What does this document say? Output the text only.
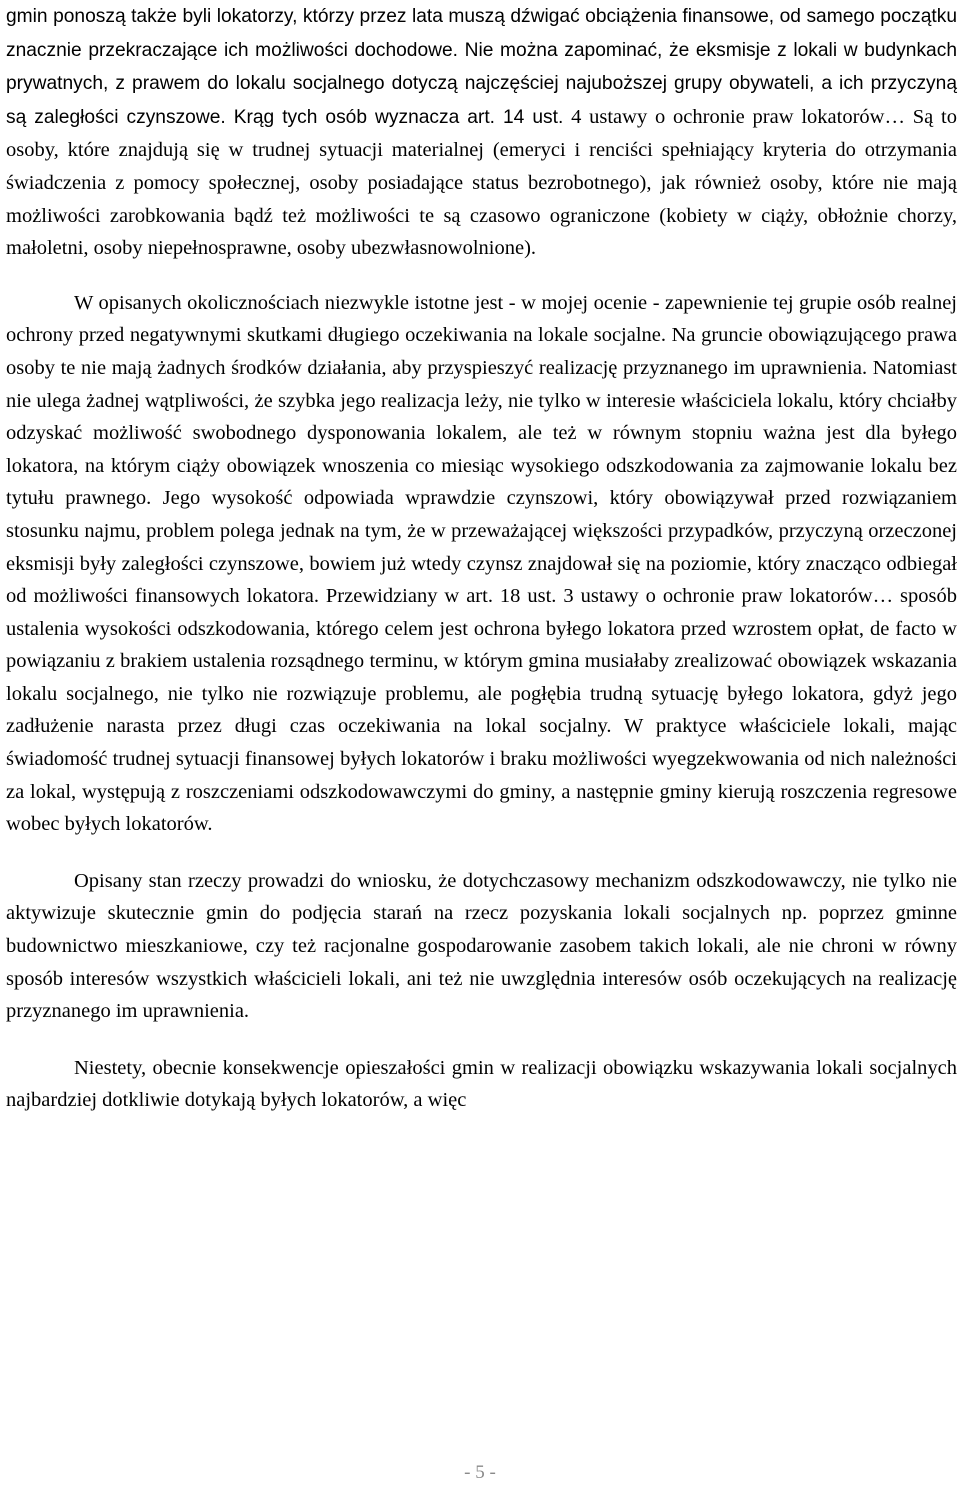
gmin ponoszą także byli lokatorzy, którzy przez lata muszą dźwigać obciążenia finansowe, od samego początku znacznie przekraczające ich możliwości dochodowe. Nie można zapominać, że eksmisje z lokali w budynkach prywatnych, z prawem do lokalu socjalnego dotyczą najczęściej najuboższej grupy obywateli, a ich przyczyną są zaległości czynszowe. Krąg tych osób wyznacza art. 14 ust. 4 ustawy o ochronie praw lokatorów… Są to osoby, które znajdują się w trudnej sytuacji materialnej (emeryci i renciści spełniający kryteria do otrzymania świadczenia z pomocy społecznej, osoby posiadające status bezrobotnego), jak również osoby, które nie mają możliwości zarobkowania bądź też możliwości te są czasowo ograniczone (kobiety w ciąży, obłożnie chorzy, małoletni, osoby niepełnosprawne, osoby ubezwłasnowolnione).

W opisanych okolicznościach niezwykle istotne jest - w mojej ocenie - zapewnienie tej grupie osób realnej ochrony przed negatywnymi skutkami długiego oczekiwania na lokale socjalne. Na gruncie obowiązującego prawa osoby te nie mają żadnych środków działania, aby przyspieszyć realizację przyznanego im uprawnienia. Natomiast nie ulega żadnej wątpliwości, że szybka jego realizacja leży, nie tylko w interesie właściciela lokalu, który chciałby odzyskać możliwość swobodnego dysponowania lokalem, ale też w równym stopniu ważna jest dla byłego lokatora, na którym ciąży obowiązek wnoszenia co miesiąc wysokiego odszkodowania za zajmowanie lokalu bez tytułu prawnego. Jego wysokość odpowiada wprawdzie czynszowi, który obowiązywał przed rozwiązaniem stosunku najmu, problem polega jednak na tym, że w przeważającej większości przypadków, przyczyną orzeczonej eksmisji były zaległości czynszowe, bowiem już wtedy czynsz znajdował się na poziomie, który znacząco odbiegał od możliwości finansowych lokatora. Przewidziany w art. 18 ust. 3 ustawy o ochronie praw lokatorów… sposób ustalenia wysokości odszkodowania, którego celem jest ochrona byłego lokatora przed wzrostem opłat, de facto w powiązaniu z brakiem ustalenia rozsądnego terminu, w którym gmina musiałaby zrealizować obowiązek wskazania lokalu socjalnego, nie tylko nie rozwiązuje problemu, ale pogłębia trudną sytuację byłego lokatora, gdyż jego zadłużenie narasta przez długi czas oczekiwania na lokal socjalny. W praktyce właściciele lokali, mając świadomość trudnej sytuacji finansowej byłych lokatorów i braku możliwości wyegzekwowania od nich należności za lokal, występują z roszczeniami odszkodowawczymi do gminy, a następnie gminy kierują roszczenia regresowe wobec byłych lokatorów.

Opisany stan rzeczy prowadzi do wniosku, że dotychczasowy mechanizm odszkodowawczy, nie tylko nie aktywizuje skutecznie gmin do podjęcia starań na rzecz pozyskania lokali socjalnych np. poprzez gminne budownictwo mieszkaniowe, czy też racjonalne gospodarowanie zasobem takich lokali, ale nie chroni w równy sposób interesów wszystkich właścicieli lokali, ani też nie uwzględnia interesów osób oczekujących na realizację przyznanego im uprawnienia.

Niestety, obecnie konsekwencje opieszałości gmin w realizacji obowiązku wskazywania lokali socjalnych najbardziej dotkliwie dotykają byłych lokatorów, a więc

- 5 -
